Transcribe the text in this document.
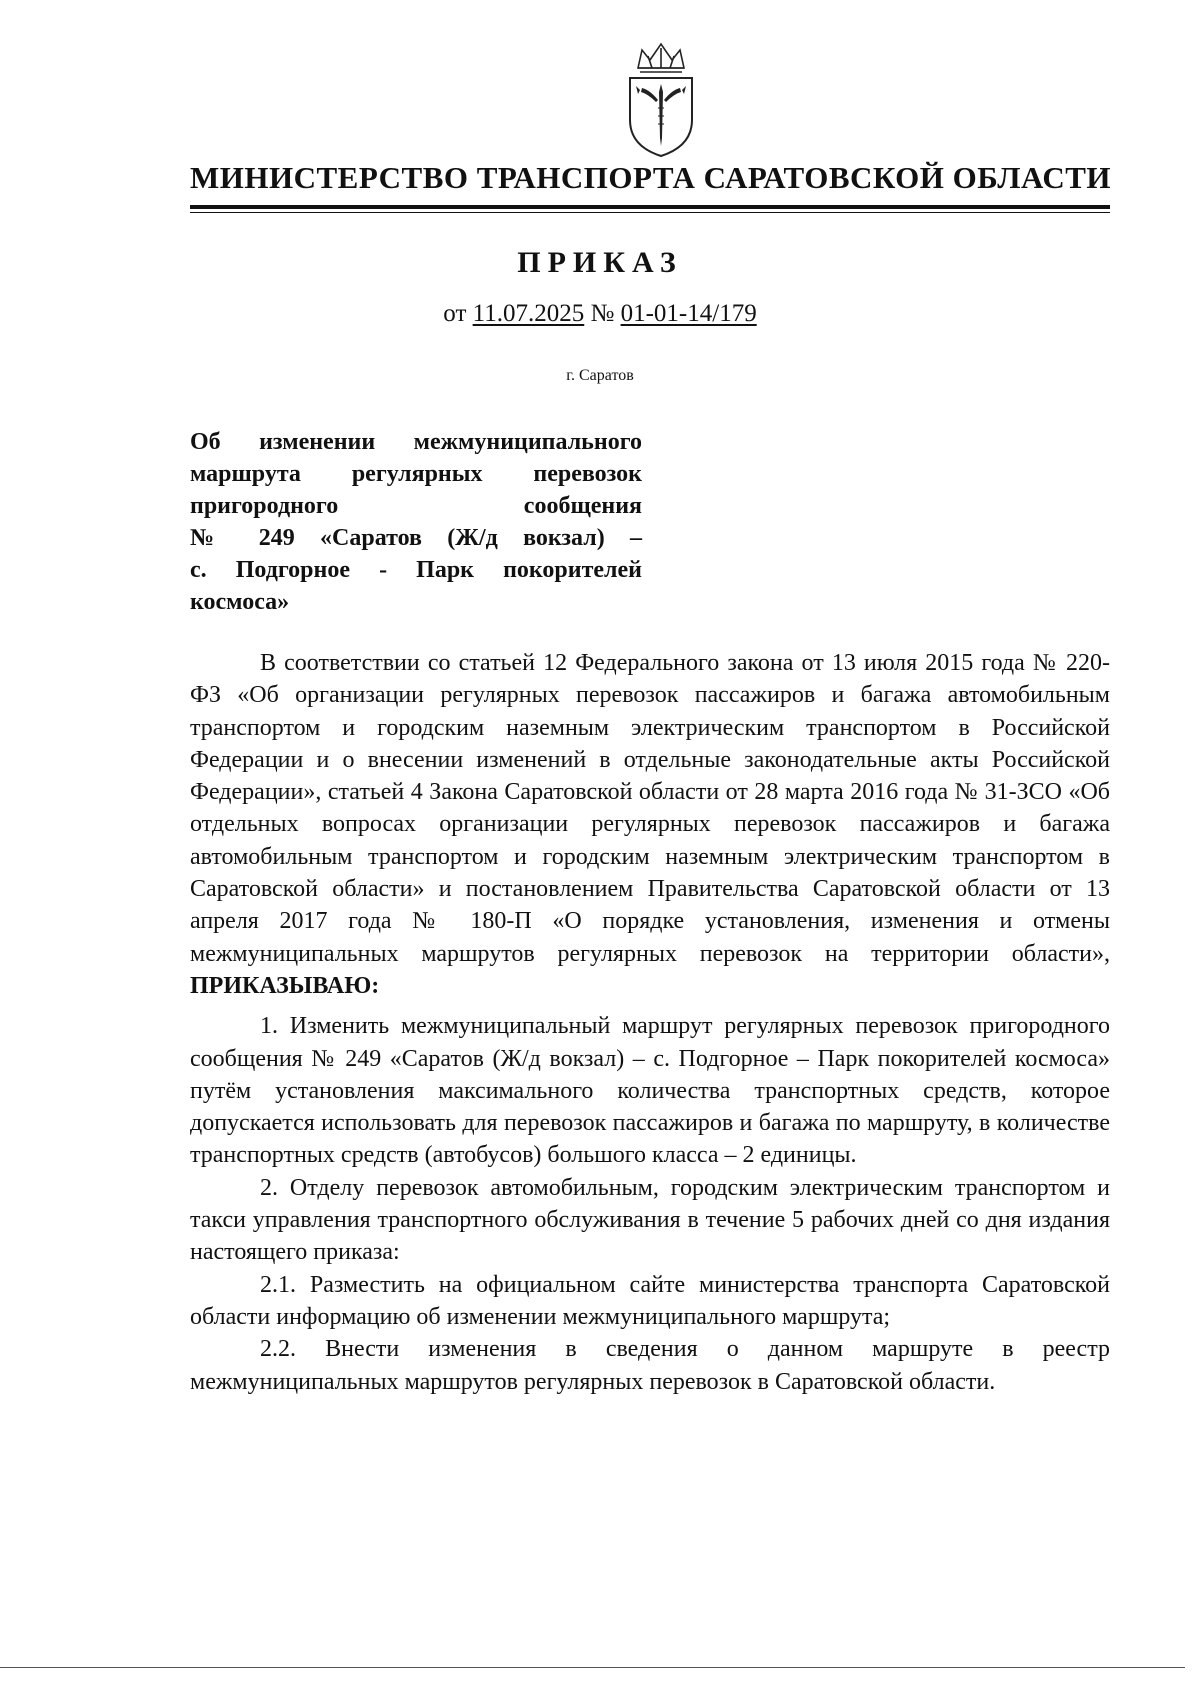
МИНИСТЕРСТВО ТРАНСПОРТА САРАТОВСКОЙ ОБЛАСТИ
ПРИКАЗ
от 11.07.2025 № 01-01-14/179
г. Саратов
Об изменении межмуниципального
маршрута регулярных перевозок
пригородного сообщения
№ 249 «Саратов (Ж/д вокзал) –
с. Подгорное - Парк покорителей
космоса»

В соответствии со статьей 12 Федерального закона от 13 июля 2015 года № 220-ФЗ «Об организации регулярных перевозок пассажиров и багажа автомобильным транспортом и городским наземным электрическим транспортом в Российской Федерации и о внесении изменений в отдельные законодательные акты Российской Федерации», статьей 4 Закона Саратовской области от 28 марта 2016 года № 31-ЗСО «Об отдельных вопросах организации регулярных перевозок пассажиров и багажа автомобильным транспортом и городским наземным электрическим транспортом в Саратовской области» и постановлением Правительства Саратовской области от 13 апреля 2017 года № 180-П «О порядке установления, изменения и отмены межмуниципальных маршрутов регулярных перевозок на территории области», ПРИКАЗЫВАЮ:

1. Изменить межмуниципальный маршрут регулярных перевозок пригородного сообщения № 249 «Саратов (Ж/д вокзал) – с. Подгорное – Парк покорителей космоса» путём установления максимального количества транспортных средств, которое допускается использовать для перевозок пассажиров и багажа по маршруту, в количестве транспортных средств (автобусов) большого класса – 2 единицы.

2. Отделу перевозок автомобильным, городским электрическим транспортом и такси управления транспортного обслуживания в течение 5 рабочих дней со дня издания настоящего приказа:

2.1. Разместить на официальном сайте министерства транспорта Саратовской области информацию об изменении межмуниципального маршрута;

2.2. Внести изменения в сведения о данном маршруте в реестр межмуниципальных маршрутов регулярных перевозок в Саратовской области.
